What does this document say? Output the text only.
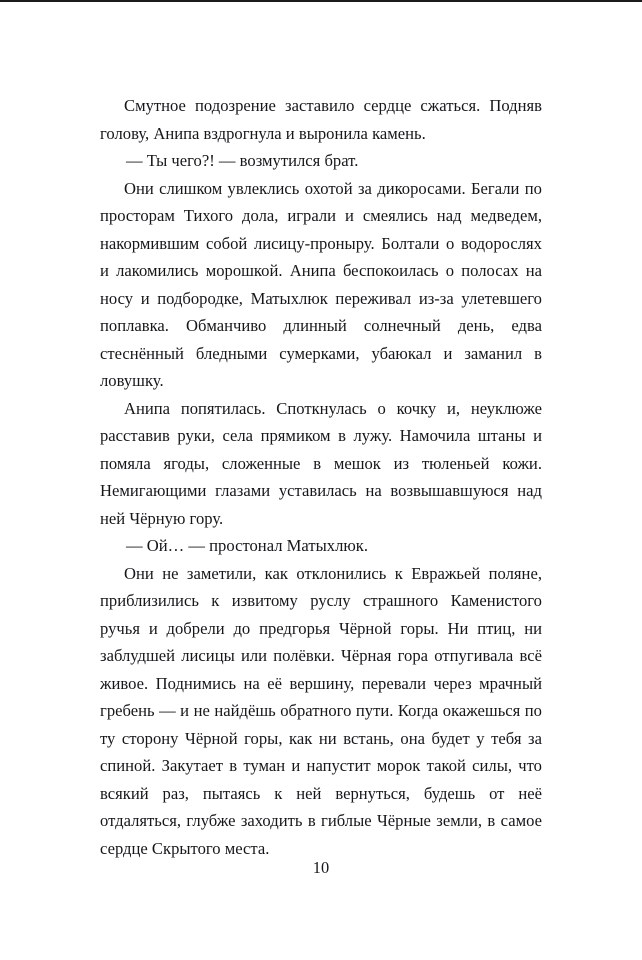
Смутное подозрение заставило сердце сжаться. Подняв голову, Анипа вздрогнула и выронила камень.

— Ты чего?! — возмутился брат.

Они слишком увлеклись охотой за дикоросами. Бегали по просторам Тихого дола, играли и смеялись над медведем, накормившим собой лисицу-проныру. Болтали о водорослях и лакомились морошкой. Анипа беспокоилась о полосах на носу и подбородке, Матыхлюк переживал из-за улетевшего поплавка. Обманчиво длинный солнечный день, едва стеснённый бледными сумерками, убаюкал и заманил в ловушку.

Анипа попятилась. Споткнулась о кочку и, неуклюже расставив руки, села прямиком в лужу. Намочила штаны и помяла ягоды, сложенные в мешок из тюленьей кожи. Немигающими глазами уставилась на возвышавшуюся над ней Чёрную гору.

— Ой… — простонал Матыхлюк.

Они не заметили, как отклонились к Евражьей поляне, приблизились к извитому руслу страшного Каменистого ручья и добрели до предгорья Чёрной горы. Ни птиц, ни заблудшей лисицы или полёвки. Чёрная гора отпугивала всё живое. Поднимись на её вершину, перевали через мрачный гребень — и не найдёшь обратного пути. Когда окажешься по ту сторону Чёрной горы, как ни встань, она будет у тебя за спиной. Закутает в туман и напустит морок такой силы, что всякий раз, пытаясь к ней вернуться, будешь от неё отдаляться, глубже заходить в гиблые Чёрные земли, в самое сердце Скрытого места.

10
